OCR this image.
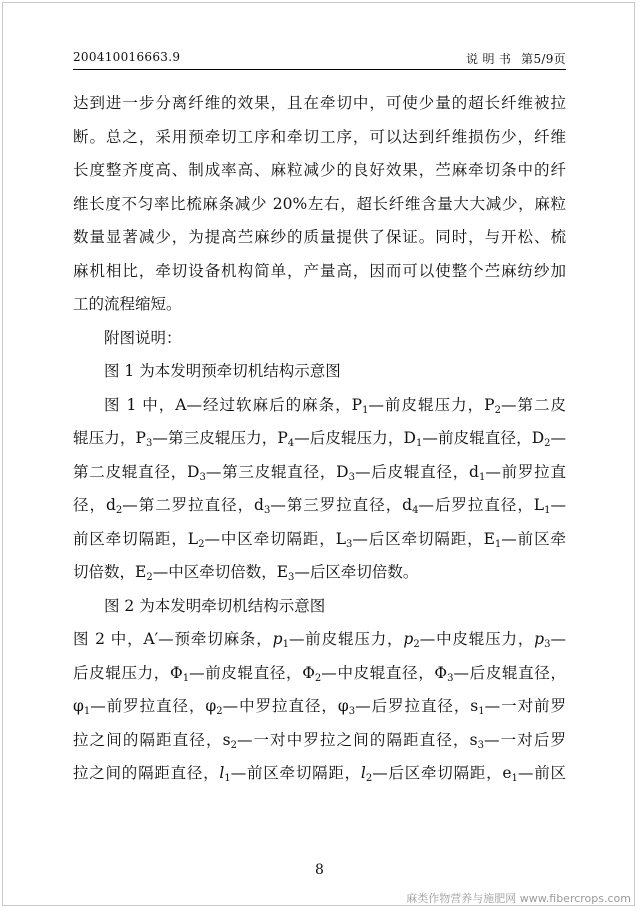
200410016663.9	说 明 书 第5/9页
达到进一步分离纤维的效果，且在牵切中，可使少量的超长纤维被拉
断。总之，采用预牵切工序和牵切工序，可以达到纤维损伤少，纤维
长度整齐度高、制成率高、麻粒减少的良好效果，苎麻牵切条中的纤
维长度不匀率比梳麻条减少 20%左右，超长纤维含量大大减少，麻粒
数量显著减少，为提高苎麻纱的质量提供了保证。同时，与开松、梳
麻机相比，牵切设备机构简单，产量高，因而可以使整个苎麻纺纱加
工的流程缩短。
附图说明：
图 1 为本发明预牵切机结构示意图
图 1 中，A—经过软麻后的麻条，$P_1—$前皮辊压力，$P_2—$第二皮
辊压力，$P_3—$第三皮辊压力，$P_4—$后皮辊压力，$D_1—$前皮辊直径，$D_2—$
第二皮辊直径，$D_3—$第三皮辊直径，$D_3—$后皮辊直径，$d_1—$前罗拉直
径，$d_2—$第二罗拉直径，$d_3—$第三罗拉直径，$d_4—$后罗拉直径，$L_1—$
前区牵切隔距，$L_2—$中区牵切隔距，$L_3—$后区牵切隔距，$E_1—$前区牵
切倍数，$E_2—$中区牵切倍数，$E_3—$后区牵切倍数。
图 2 为本发明牵切机结构示意图
图 2 中，A′—预牵切麻条，$p_1—$前皮辊压力，$p_2—$中皮辊压力，$p_3—$
后皮辊压力，$\Phi_1—$前皮辊直径，$\Phi_2—$中皮辊直径，$\Phi_3—$后皮辊直径，
$\varphi_1—$前罗拉直径，$\varphi_2—$中罗拉直径，$\varphi_3—$后罗拉直径，$s_1—$一对前罗
拉之间的隔距直径，$s_2—$一对中罗拉之间的隔距直径，$s_3—$一对后罗
拉之间的隔距直径，$l_1—$前区牵切隔距，$l_2—$后区牵切隔距，$e_1—$前区
8
麻类作物营养与施肥网 www.fibercrops.com
